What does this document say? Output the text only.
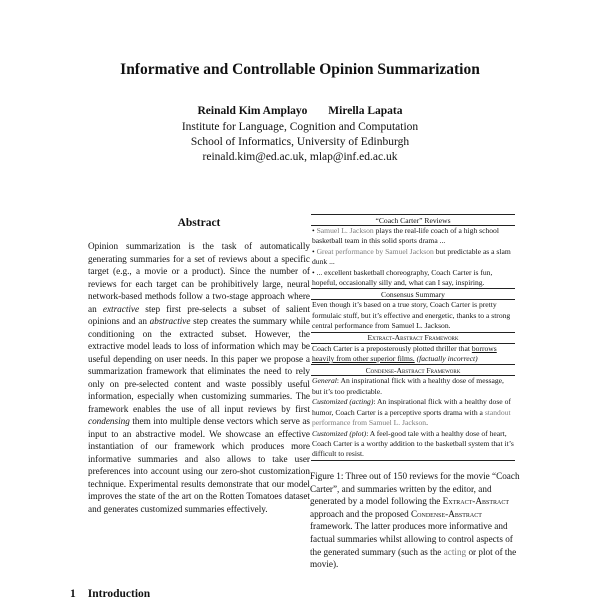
Informative and Controllable Opinion Summarization
Reinald Kim Amplayo Mirella Lapata
Institute for Language, Cognition and Computation
School of Informatics, University of Edinburgh
reinald.kim@ed.ac.uk, mlap@inf.ed.ac.uk
Abstract
Opinion summarization is the task of automatically generating summaries for a set of reviews about a specific target (e.g., a movie or a product). Since the number of reviews for each target can be prohibitively large, neural network-based methods follow a two-stage approach where an extractive step first pre-selects a subset of salient opinions and an abstractive step creates the summary while conditioning on the extracted subset. However, the extractive model leads to loss of information which may be useful depending on user needs. In this paper we propose a summarization framework that eliminates the need to rely only on pre-selected content and waste possibly useful information, especially when customizing summaries. The framework enables the use of all input reviews by first condensing them into multiple dense vectors which serve as input to an abstractive model. We showcase an effective instantiation of our framework which produces more informative summaries and also allows to take user preferences into account using our zero-shot customization technique. Experimental results demonstrate that our model improves the state of the art on the Rotten Tomatoes dataset and generates customized summaries effectively.
1 Introduction
“Coach Carter” Reviews

• Samuel L. Jackson plays the real-life coach of a high school basketball team in this solid sports drama ...

• Great performance by Samuel Jackson but predictable as a slam dunk ...

• ... excellent basketball choreography, Coach Carter is fun, hopeful, occasionally silly and, what can I say, inspiring.

Consensus Summary

Even though it’s based on a true story, Coach Carter is pretty formulaic stuff, but it’s effective and energetic, thanks to a strong central performance from Samuel L. Jackson.

Extract-Abstract Framework

Coach Carter is a preposterously plotted thriller that borrows heavily from other superior films. (factually incorrect)

Condense-Abstract Framework

General: An inspirational flick with a healthy dose of message, but it’s too predictable.

Customized (acting): An inspirational flick with a healthy dose of humor, Coach Carter is a perceptive sports drama with a standout performance from Samuel L. Jackson.

Customized (plot): A feel-good tale with a healthy dose of heart, Coach Carter is a worthy addition to the basketball system that it’s difficult to resist.

Figure 1: Three out of 150 reviews for the movie “Coach Carter”, and summaries written by the editor, and generated by a model following the Extract-Abstract approach and the proposed Condense-Abstract framework. The latter produces more informative and factual summaries whilst allowing to control aspects of the generated summary (such as the acting or plot of the movie).
